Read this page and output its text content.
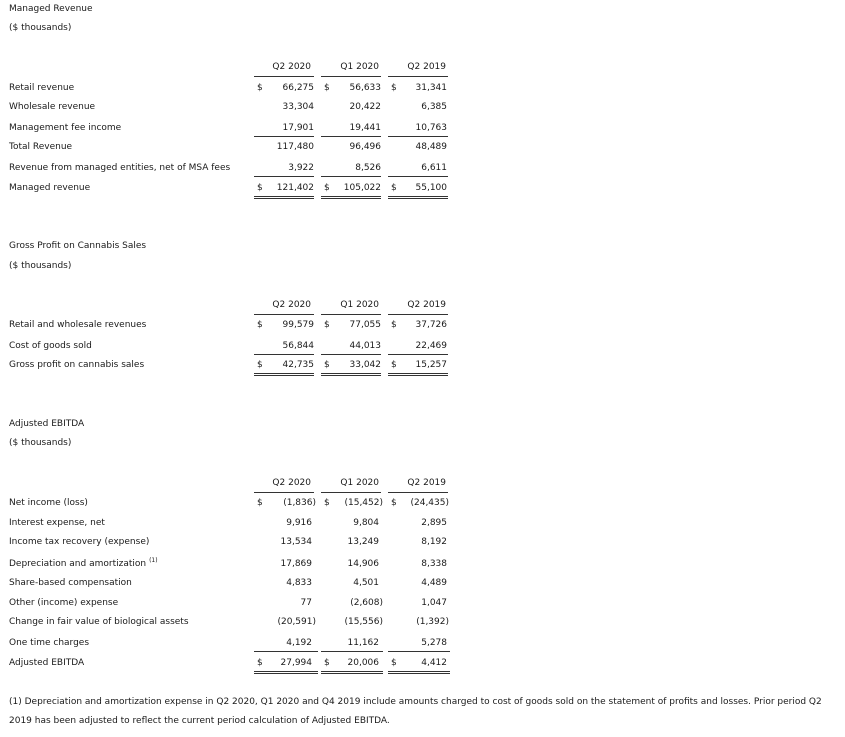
Managed Revenue
($ thousands)
Q2 2020	Q1 2020	Q2 2019
Retail revenue	$	66,275 $	56,633 $	31,341
Wholesale revenue	33,304	20,422	6,385
Management fee income	17,901	19,441	10,763
Total Revenue	117,480	96,496	48,489
Revenue from managed entities, net of MSA fees	3,922	8,526	6,611
Managed revenue	$	121,402 $	105,022 $	55,100
Gross Profit on Cannabis Sales
($ thousands)
Q2 2020	Q1 2020	Q2 2019
Retail and wholesale revenues	$	99,579 $	77,055 $	37,726
Cost of goods sold	56,844	44,013	22,469
Gross profit on cannabis sales	$	42,735 $	33,042 $	15,257
Adjusted EBITDA
($ thousands)
Q2 2020	Q1 2020	Q2 2019
Net income (loss)	$	(1,836) $	(15,452) $	(24,435)
Interest expense, net	9,916	9,804	2,895
Income tax recovery (expense)	13,534	13,249	8,192
Depreciation and amortization $^{(1)}$	17,869	14,906	8,338
Share-based compensation	4,833	4,501	4,489
Other (income) expense	77	(2,608)	1,047
Change in fair value of biological assets	(20,591)	(15,556)	(1,392)
One time charges	4,192	11,162	5,278
Adjusted EBITDA	$	27,994 $	20,006 $	4,412
(1) Depreciation and amortization expense in Q2 2020, Q1 2020 and Q4 2019 include amounts charged to cost of goods sold on the statement of profits and losses. Prior period Q2 2019 has been adjusted to reflect the current period calculation of Adjusted EBITDA.
